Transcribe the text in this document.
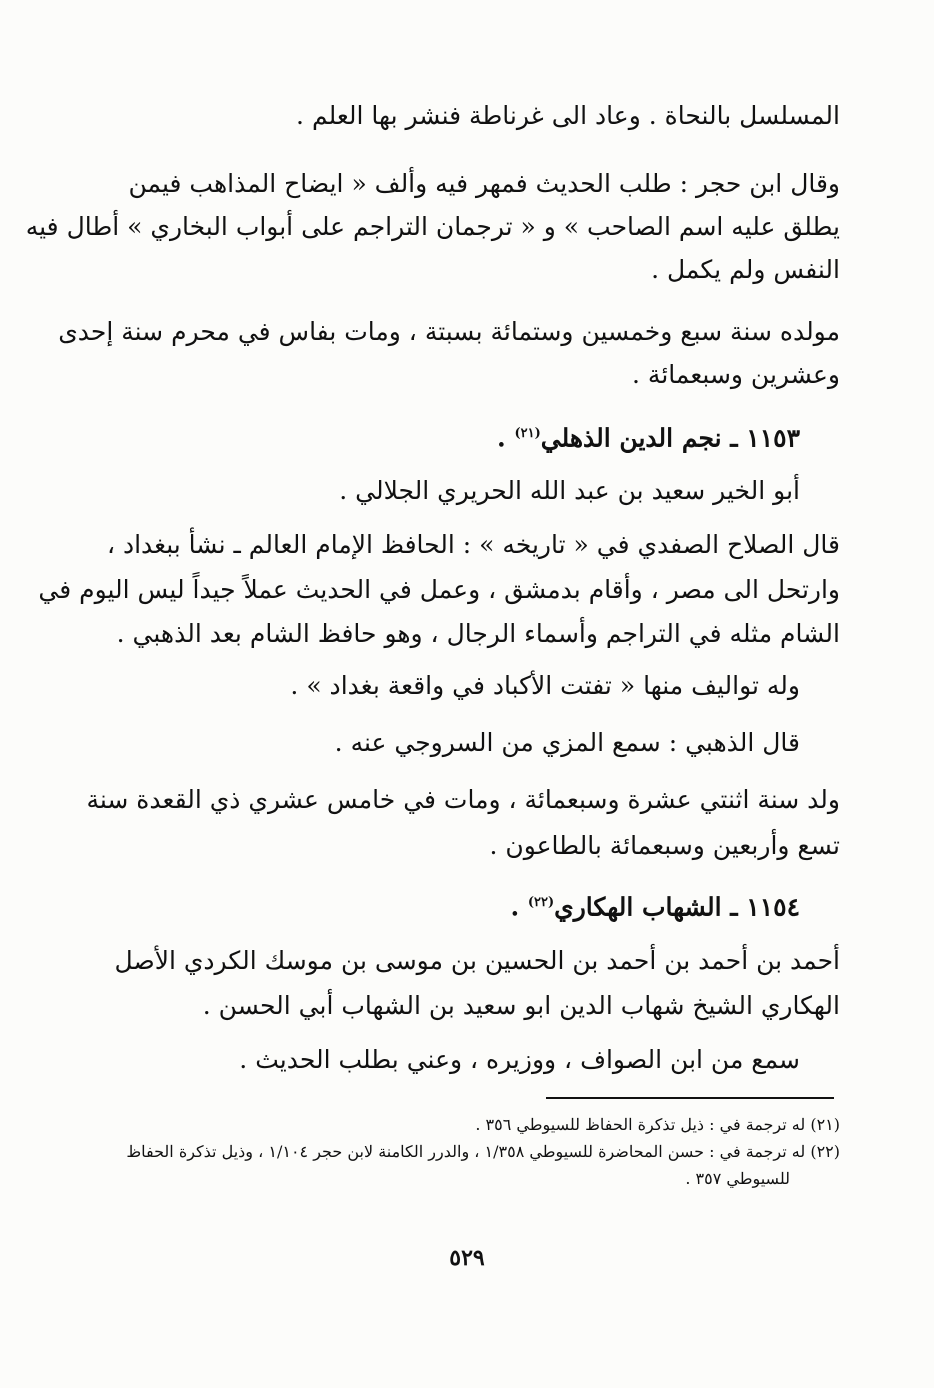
المسلسل بالنحاة . وعاد الى غرناطة فنشر بها العلم .
وقال ابن حجر : طلب الحديث فمهر فيه وألف « ايضاح المذاهب فيمن
يطلق عليه اسم الصاحب » و « ترجمان التراجم على أبواب البخاري » أطال فيه
النفس ولم يكمل .
مولده سنة سبع وخمسين وستمائة بسبتة ، ومات بفاس في محرم سنة إحدى
وعشرين وسبعمائة .
١١٥٣ ـ نجم الدين الذهلي$^{(٢١)}$ .
أبو الخير سعيد بن عبد الله الحريري الجلالي .
قال الصلاح الصفدي في « تاريخه » : الحافظ الإمام العالم ـ نشأ ببغداد ،
وارتحل الى مصر ، وأقام بدمشق ، وعمل في الحديث عملاً جيداً ليس اليوم في
الشام مثله في التراجم وأسماء الرجال ، وهو حافظ الشام بعد الذهبي .
وله تواليف منها « تفتت الأكباد في واقعة بغداد » .
قال الذهبي : سمع المزي من السروجي عنه .
ولد سنة اثنتي عشرة وسبعمائة ، ومات في خامس عشري ذي القعدة سنة
تسع وأربعين وسبعمائة بالطاعون .
١١٥٤ ـ الشهاب الهكاري$^{(٢٢)}$ .
أحمد بن أحمد بن أحمد بن الحسين بن موسى بن موسك الكردي الأصل
الهكاري الشيخ شهاب الدين ابو سعيد بن الشهاب أبي الحسن .
سمع من ابن الصواف ، ووزيره ، وعني بطلب الحديث .
(٢١) له ترجمة في : ذيل تذكرة الحفاظ للسيوطي ٣٥٦ .
(٢٢) له ترجمة في : حسن المحاضرة للسيوطي ١/٣٥٨ ، والدرر الكامنة لابن حجر ١/١٠٤ ، وذيل تذكرة الحفاظ
للسيوطي ٣٥٧ .
٥٢٩
